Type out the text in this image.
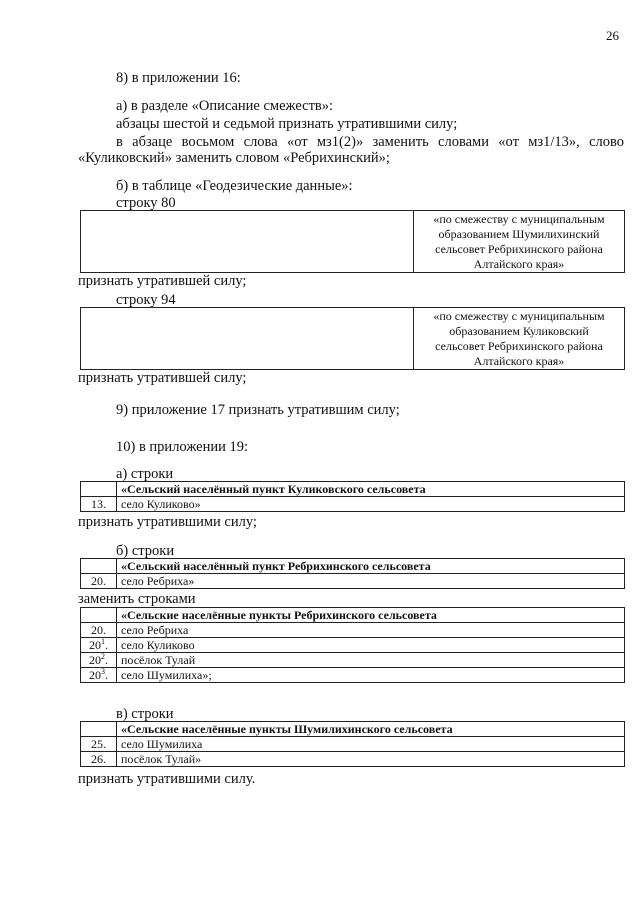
26
8) в приложении 16:
а) в разделе «Описание смежеств»:
абзацы шестой и седьмой признать утратившими силу;
в абзаце восьмом слова «от мз1(2)» заменить словами «от мз1/13», слово
«Куликовский» заменить словом «Ребрихинский»;
б) в таблице «Геодезические данные»:
строку 80

«по смежеству с муниципальным
образованием Шумилихинский
сельсовет Ребрихинского района
Алтайского края»
признать утратившей силу;
строку 94

«по смежеству с муниципальным
образованием Куликовский
сельсовет Ребрихинского района
Алтайского края»
признать утратившей силу;
9) приложение 17 признать утратившим силу;
10) в приложении 19:
а) строки
	«Сельский населённый пункт Куликовского сельсовета
13.	село Куликово»
признать утратившими силу;
б) строки
	«Сельский населённый пункт Ребрихинского сельсовета
20.	село Ребриха»
заменить строками
	«Сельские населённые пункты Ребрихинского сельсовета
20.	село Ребриха
$20^1$.	село Куликово
$20^2$.	посёлок Тулай
$20^3$.	село Шумилиха»;
в) строки
	«Сельские населённые пункты Шумилихинского сельсовета
25.	село Шумилиха
26.	посёлок Тулай»
признать утратившими силу.
